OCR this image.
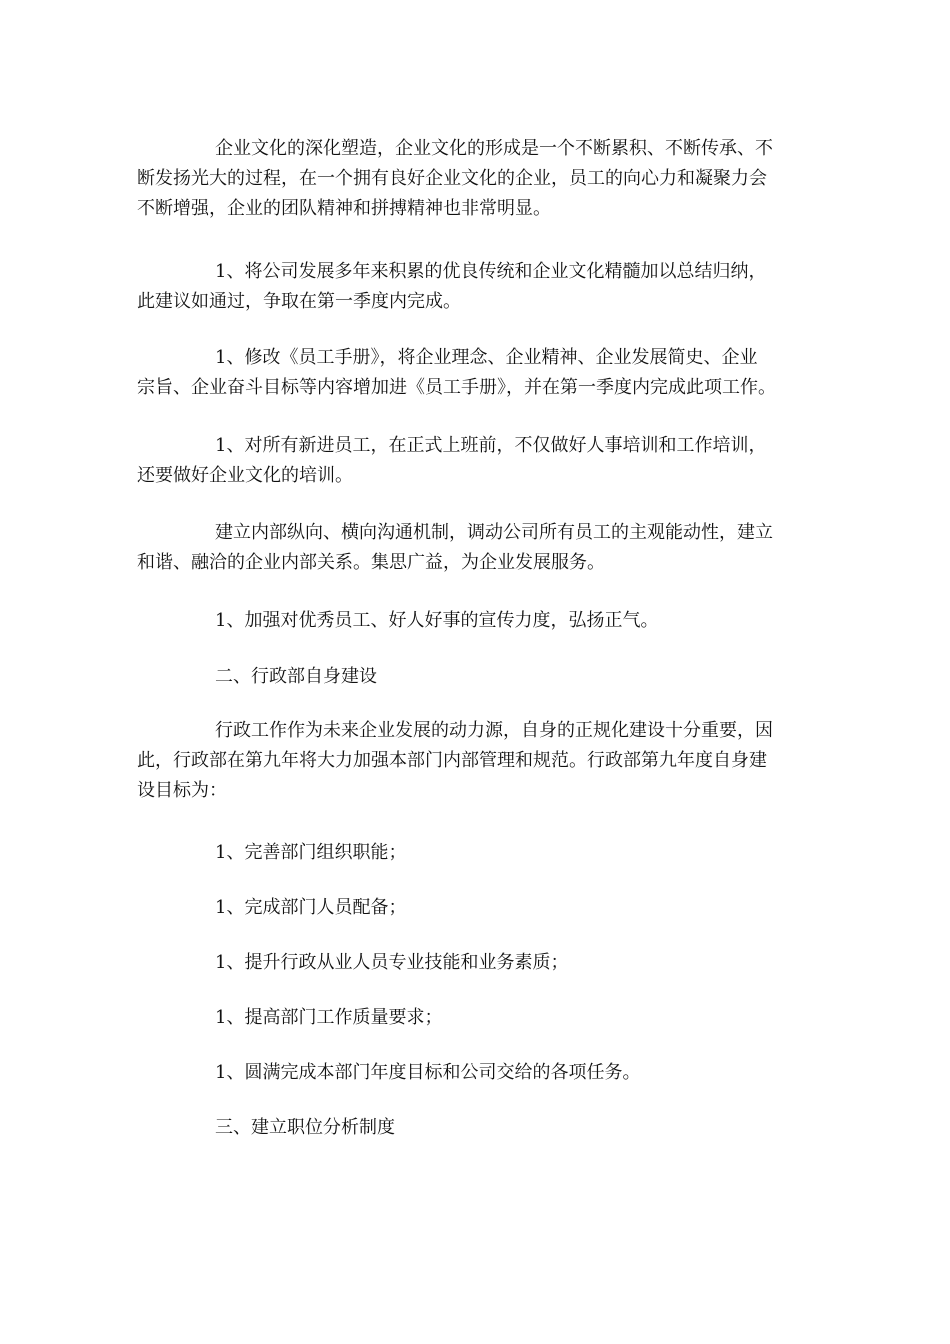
企业文化的深化塑造，企业文化的形成是一个不断累积、不断传承、不
断发扬光大的过程，在一个拥有良好企业文化的企业，员工的向心力和凝聚力会
不断增强，企业的团队精神和拼搏精神也非常明显。

1、将公司发展多年来积累的优良传统和企业文化精髓加以总结归纳，
此建议如通过，争取在第一季度内完成。

1、修改《员工手册》，将企业理念、企业精神、企业发展简史、企业
宗旨、企业奋斗目标等内容增加进《员工手册》，并在第一季度内完成此项工作。

1、对所有新进员工，在正式上班前，不仅做好人事培训和工作培训，
还要做好企业文化的培训。

建立内部纵向、横向沟通机制，调动公司所有员工的主观能动性，建立
和谐、融洽的企业内部关系。集思广益，为企业发展服务。

1、加强对优秀员工、好人好事的宣传力度，弘扬正气。

二、行政部自身建设

行政工作作为未来企业发展的动力源，自身的正规化建设十分重要，因
此，行政部在第九年将大力加强本部门内部管理和规范。行政部第九年度自身建
设目标为：

1、完善部门组织职能；

1、完成部门人员配备；

1、提升行政从业人员专业技能和业务素质；

1、提高部门工作质量要求；

1、圆满完成本部门年度目标和公司交给的各项任务。

三、建立职位分析制度
